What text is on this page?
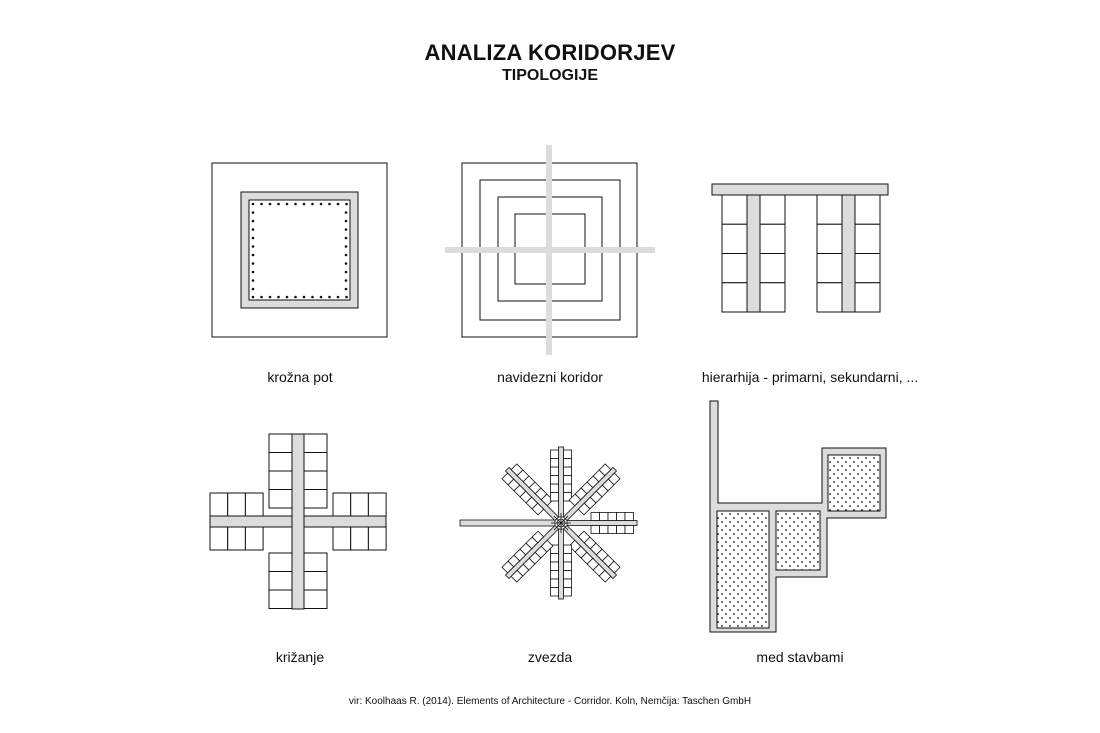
ANALIZA KORIDORJEV
TIPOLOGIJE
krožna pot	navidezni koridor	hierarhija - primarni, sekundarni, ...
križanje	zvezda	med stavbami
vir: Koolhaas R. (2014). Elements of Architecture - Corridor. Koln, Nemčija: Taschen GmbH
